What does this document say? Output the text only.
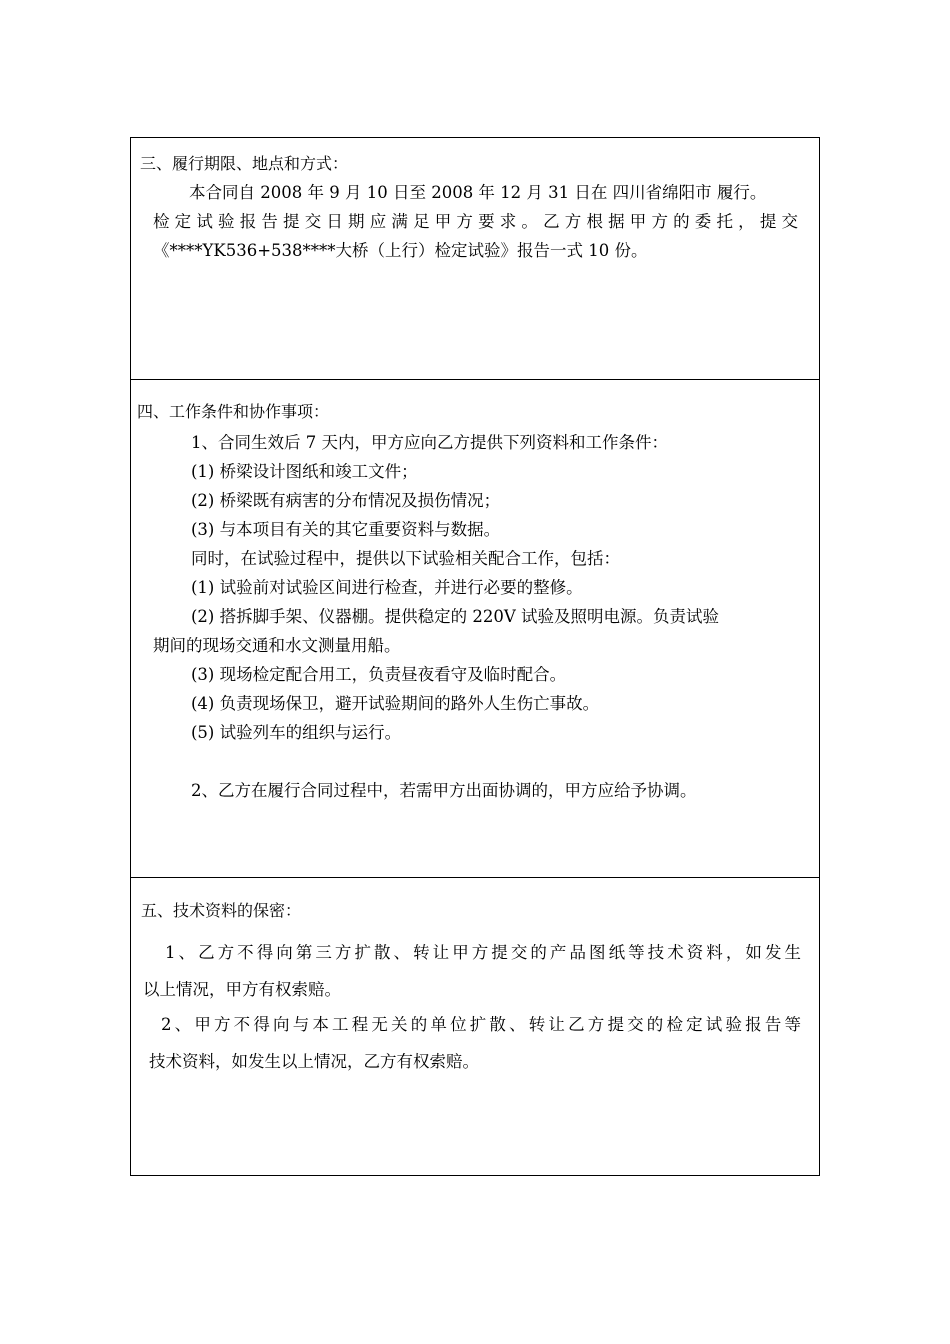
三、履行期限、地点和方式：
本合同自 2008 年 9 月 10 日至 2008 年 12 月 31 日在 四川省绵阳市 履行。
检定试验报告提交日期应满足甲方要求。乙方根据甲方的委托，提交
《****YK536+538****大桥（上行）检定试验》报告一式 10 份。
四、工作条件和协作事项：
1、合同生效后 7 天内，甲方应向乙方提供下列资料和工作条件：
(1) 桥梁设计图纸和竣工文件；
(2) 桥梁既有病害的分布情况及损伤情况；
(3) 与本项目有关的其它重要资料与数据。
同时，在试验过程中，提供以下试验相关配合工作，包括：
(1) 试验前对试验区间进行检查，并进行必要的整修。
(2) 搭拆脚手架、仪器棚。提供稳定的 220V 试验及照明电源。负责试验
期间的现场交通和水文测量用船。
(3) 现场检定配合用工，负责昼夜看守及临时配合。
(4) 负责现场保卫，避开试验期间的路外人生伤亡事故。
(5) 试验列车的组织与运行。
2、乙方在履行合同过程中，若需甲方出面协调的，甲方应给予协调。
五、技术资料的保密：
1、乙方不得向第三方扩散、转让甲方提交的产品图纸等技术资料，如发生
以上情况，甲方有权索赔。
2、甲方不得向与本工程无关的单位扩散、转让乙方提交的检定试验报告等
技术资料，如发生以上情况，乙方有权索赔。
